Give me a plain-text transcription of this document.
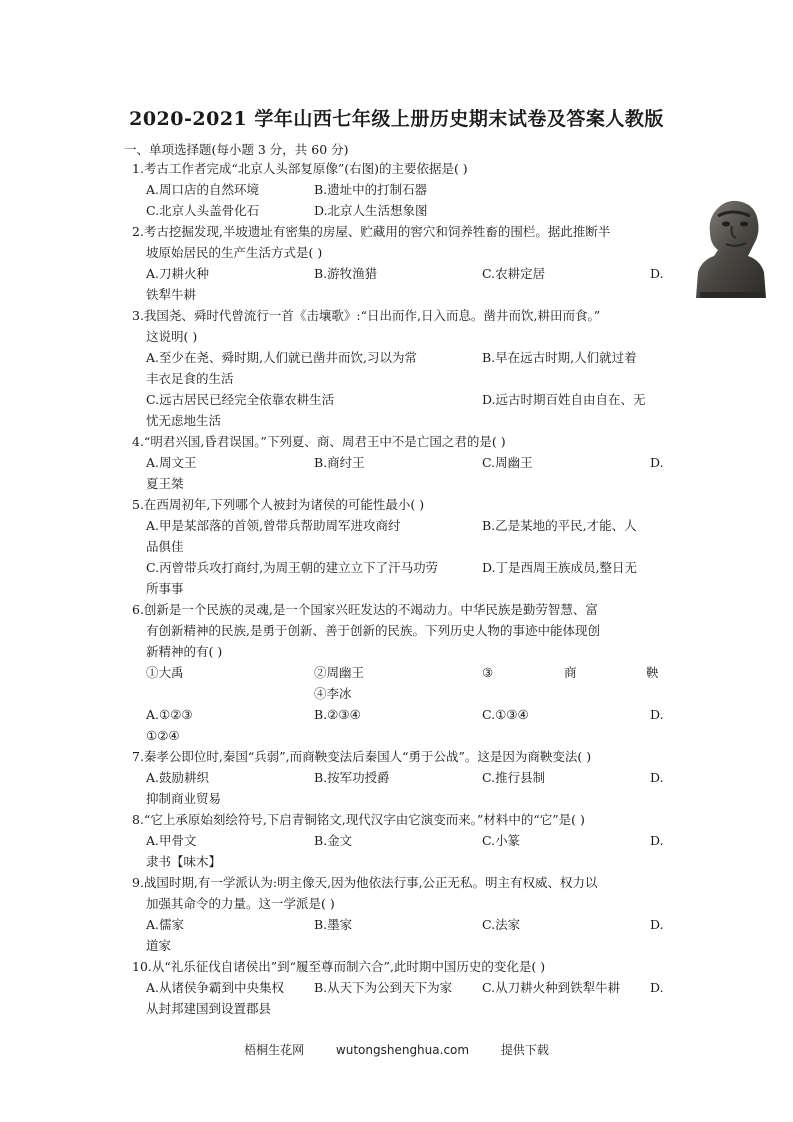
2020-2021 学年山西七年级上册历史期末试卷及答案人教版
一、单项选择题(每小题 3 分，共 60 分)
1.考古工作者完成“北京人头部复原像”(右图)的主要依据是( )
A.周口店的自然环境	B.遗址中的打制石器
C.北京人头盖骨化石	D.北京人生活想象图
2.考古挖掘发现,半坡遗址有密集的房屋、贮藏用的窖穴和饲养牲畜的围栏。据此推断半
坡原始居民的生产生活方式是( )
A.刀耕火种	B.游牧渔猎	C.农耕定居	D.
铁犁牛耕
3.我国尧、舜时代曾流行一首《击壤歌》:“日出而作,日入而息。凿井而饮,耕田而食。”
这说明( )
A.至少在尧、舜时期,人们就已凿井而饮,习以为常	B.早在远古时期,人们就过着
丰衣足食的生活
C.远古居民已经完全依靠农耕生活	D.远古时期百姓自由自在、无
忧无虑地生活
4.“明君兴国,昏君误国。”下列夏、商、周君王中不是亡国之君的是( )
A.周文王	B.商纣王	C.周幽王	D.
夏王桀
5.在西周初年,下列哪个人被封为诸侯的可能性最小( )
A.甲是某部落的首领,曾带兵帮助周军进攻商纣	B.乙是某地的平民,才能、人
品俱佳
C.丙曾带兵攻打商纣,为周王朝的建立立下了汗马功劳	D.丁是西周王族成员,整日无
所事事
6.创新是一个民族的灵魂,是一个国家兴旺发达的不竭动力。中华民族是勤劳智慧、富
有创新精神的民族,是勇于创新、善于创新的民族。下列历史人物的事迹中能体现创
新精神的有( )
①大禹	②周幽王	③	商	鞅
④李冰
A.①②③	B.②③④	C.①③④	D.
①②④
7.秦孝公即位时,秦国“兵弱”,而商鞅变法后秦国人“勇于公战”。这是因为商鞅变法( )
A.鼓励耕织	B.按军功授爵	C.推行县制	D.
抑制商业贸易
8.“它上承原始刻绘符号,下启青铜铭文,现代汉字由它演变而来。”材料中的“它”是( )
A.甲骨文	B.金文	C.小篆	D.
隶书【味木】
9.战国时期,有一学派认为:明主像天,因为他依法行事,公正无私。明主有权威、权力以
加强其命令的力量。这一学派是( )
A.儒家	B.墨家	C.法家	D.
道家
10.从“礼乐征伐自诸侯出”到“履至尊而制六合”,此时期中国历史的变化是( )
A.从诸侯争霸到中央集权	B.从天下为公到天下为家	C.从刀耕火种到铁犁牛耕	D.
从封邦建国到设置郡县
梧桐生花网	wutongshenghua.com	提供下载
